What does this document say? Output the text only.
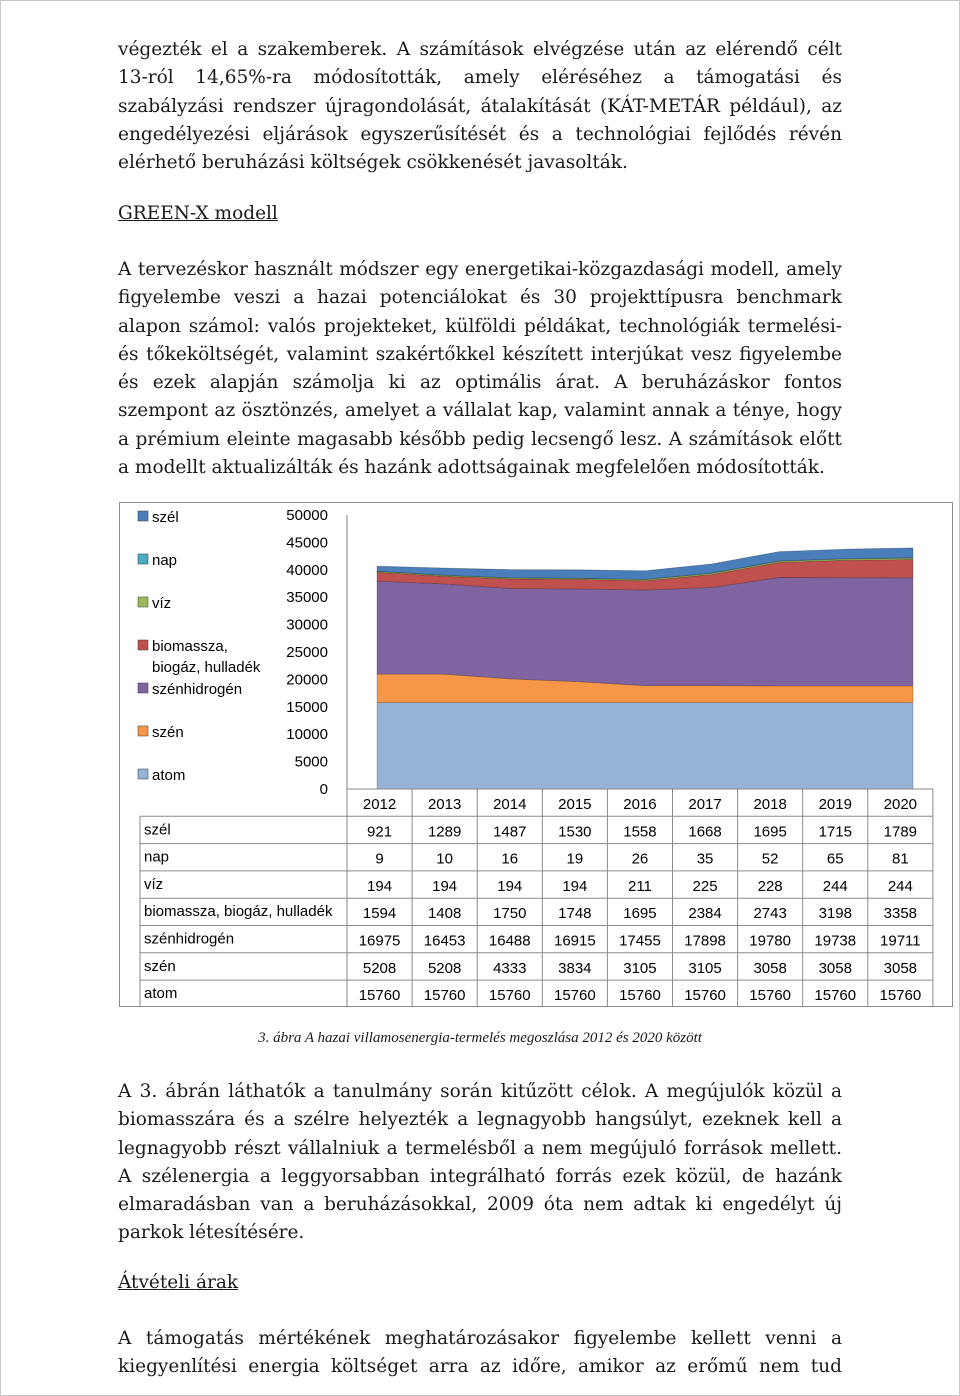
végezték el a szakemberek. A számítások elvégzése után az elérendő célt 13-ról 14,65%-ra módosították, amely eléréséhez a támogatási és szabályzási rendszer újragondolását, átalakítását (KÁT-METÁR például), az engedélyezési eljárások egyszerűsítését és a technológiai fejlődés révén elérhető beruházási költségek csökkenését javasolták.

GREEN-X modell

A tervezéskor használt módszer egy energetikai-közgazdasági modell, amely figyelembe veszi a hazai potenciálokat és 30 projekttípusra benchmark alapon számol: valós projekteket, külföldi példákat, technológiák termelési- és tőkeköltségét, valamint szakértőkkel készített interjúkat vesz figyelembe és ezek alapján számolja ki az optimális árat. A beruházáskor fontos szempont az ösztönzés, amelyet a vállalat kap, valamint annak a ténye, hogy a prémium eleinte magasabb később pedig lecsengő lesz. A számítások előtt a modellt aktualizálták és hazánk adottságainak megfelelően módosították.

50000
45000
40000
35000
30000
25000
20000
15000
10000
5000
0
szél
nap
víz
biomassza,
biogáz, hulladék
szénhidrogén
szén
atom
2012 2013 2014 2015 2016 2017 2018 2019 2020
szél	921 1289 1487 1530 1558 1668 1695 1715 1789
nap	9	10	16	19	26	35	52	65	81
víz	194	194	194	194	211	225	228	244	244
biomassza, biogáz, hulladék 1594 1408 1750 1748 1695 2384 2743 3198 3358
szénhidrogén	16975 16453 16488 16915 17455 17898 19780 19738 19711
szén	5208 5208 4333 3834 3105 3105 3058 3058 3058
atom	15760 15760 15760 15760 15760 15760 15760 15760 15760
3. ábra A hazai villamosenergia-termelés megoszlása 2012 és 2020 között

A 3. ábrán láthatók a tanulmány során kitűzött célok. A megújulók közül a biomasszára és a szélre helyezték a legnagyobb hangsúlyt, ezeknek kell a legnagyobb részt vállalniuk a termelésből a nem megújuló források mellett. A szélenergia a leggyorsabban integrálható forrás ezek közül, de hazánk elmaradásban van a beruházásokkal, 2009 óta nem adtak ki engedélyt új parkok létesítésére.

Átvételi árak

A támogatás mértékének meghatározásakor figyelembe kellett venni a kiegyenlítési energia költséget arra az időre, amikor az erőmű nem tud
